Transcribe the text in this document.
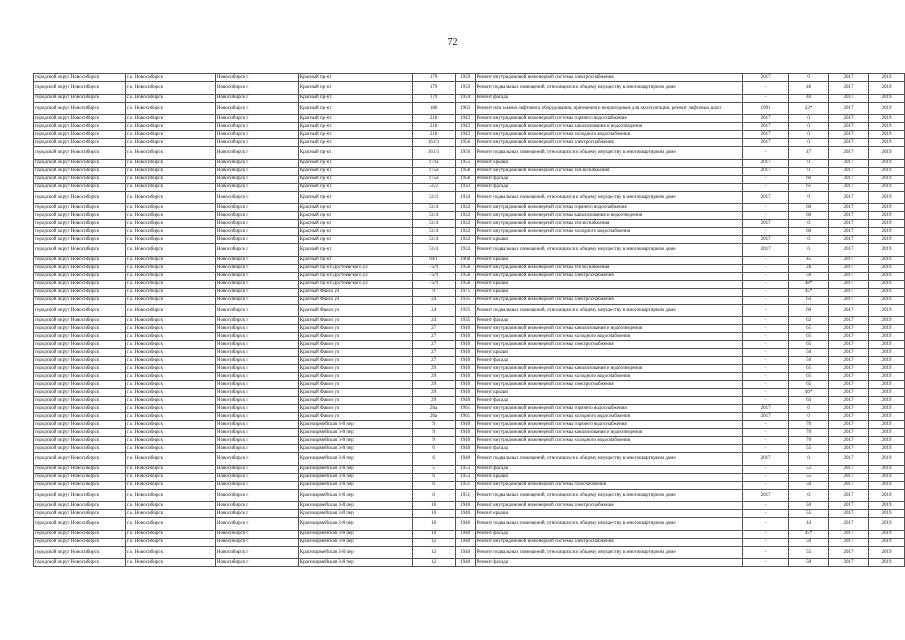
72
городской округ Новосибирск	г.о. Новосибирск	Новосибирск г	Красный пр-кт	179	1959	Ремонт внутридомовой инженерной системы электроснабжения	2017	0	2017	2019
городской округ Новосибирск	г.о. Новосибирск	Новосибирск г	Красный пр-кт	179	1959	Ремонт подвальных помещений, относящихся к общему имуществу в многоквартирном доме	-	46	2017	2019
городской округ Новосибирск	г.о. Новосибирск	Новосибирск г	Красный пр-кт	179	1959	Ремонт фасада	-	40	2017	2019
городской округ Новосибирск	г.о. Новосибирск	Новосибирск г	Красный пр-кт	186	1963	Ремонт или замена лифтового оборудования, признанного непригодным для эксплуатации, ремонт лифтовых шахт	1991	23*	2017	2019
городской округ Новосибирск	г.о. Новосибирск	Новосибирск г	Красный пр-кт	218	1943	Ремонт внутридомовой инженерной системы горячего водоснабжения	2017	0	2017	2019
городской округ Новосибирск	г.о. Новосибирск	Новосибирск г	Красный пр-кт	218	1943	Ремонт внутридомовой инженерной системы канализования и водоотведения	2017	0	2017	2019
городской округ Новосибирск	г.о. Новосибирск	Новосибирск г	Красный пр-кт	218	1943	Ремонт внутридомовой инженерной системы холодного водоснабжения	2017	0	2017	2019
городской округ Новосибирск	г.о. Новосибирск	Новосибирск г	Красный пр-кт	161/1	1956	Ремонт внутридомовой инженерной системы электроснабжения	2017	0	2017	2019
городской округ Новосибирск	г.о. Новосибирск	Новосибирск г	Красный пр-кт	161/1	1956	Ремонт подвальных помещений, относящихся к общему имуществу в многоквартирном доме	-	47	2017	2019
городской округ Новосибирск	г.о. Новосибирск	Новосибирск г	Красный пр-кт	171а	1955	Ремонт крыши	2017	0	2017	2019
городской округ Новосибирск	г.о. Новосибирск	Новосибирск г	Красный пр-кт	175а	1958	Ремонт внутридомовой инженерной системы теплоснабжения	2017	0	2017	2019
городской округ Новосибирск	г.о. Новосибирск	Новосибирск г	Красный пр-кт	175а	1958	Ремонт фасада	-	60	2017	2019
городской округ Новосибирск	г.о. Новосибирск	Новосибирск г	Красный пр-кт	51/2	1933	Ремонт фасада	-	61	2017	2019
городской округ Новосибирск	г.о. Новосибирск	Новосибирск г	Красный пр-кт	51/3	1934	Ремонт подвальных помещений, относящихся к общему имуществу в многоквартирном доме	2017	0	2017	2019
городской округ Новосибирск	г.о. Новосибирск	Новосибирск г	Красный пр-кт	51/4	1932	Ремонт внутридомовой инженерной системы горячего водоснабжения	-	60	2017	2019
городской округ Новосибирск	г.о. Новосибирск	Новосибирск г	Красный пр-кт	51/4	1932	Ремонт внутридомовой инженерной системы канализования и водоотведения	-	60	2017	2019
городской округ Новосибирск	г.о. Новосибирск	Новосибирск г	Красный пр-кт	51/4	1932	Ремонт внутридомовой инженерной системы теплоснабжения	2017	0	2017	2019
городской округ Новосибирск	г.о. Новосибирск	Новосибирск г	Красный пр-кт	51/4	1932	Ремонт внутридомовой инженерной системы холодного водоснабжения	-	60	2017	2019
городской округ Новосибирск	г.о. Новосибирск	Новосибирск г	Красный пр-кт	51/4	1932	Ремонт крыши	2017	0	2017	2019
городской округ Новосибирск	г.о. Новосибирск	Новосибирск г	Красный пр-кт	51/4	1932	Ремонт подвальных помещений, относящихся к общему имуществу в многоквартирном доме	2017	0	2017	2019
городской округ Новосибирск	г.о. Новосибирск	Новосибирск г	Красный пр-кт	94/1	1968	Ремонт крыши	-	45	2017	2019
городской округ Новосибирск	г.о. Новосибирск	Новосибирск г	Красный пр-кт/Достоевского ул	75/9	1958	Ремонт внутридомовой инженерной системы теплоснабжения	-	28	2017	2019
городской округ Новосибирск	г.о. Новосибирск	Новосибирск г	Красный пр-кт/Достоевского ул	75/9	1958	Ремонт внутридомовой инженерной системы электроснабжения	-	50	2017	2019
городской округ Новосибирск	г.о. Новосибирск	Новосибирск г	Красный пр-кт/Достоевского ул	75/9	1958	Ремонт крыши	-	48*	2017	2019
городской округ Новосибирск	г.о. Новосибирск	Новосибирск г	Красный Факел ул	9	1975	Ремонт крыши	-	45*	2017	2019
городской округ Новосибирск	г.о. Новосибирск	Новосибирск г	Красный Факел ул	24	1935	Ремонт внутридомовой инженерной системы электроснабжения	-	63	2017	2019
городской округ Новосибирск	г.о. Новосибирск	Новосибирск г	Красный Факел ул	24	1935	Ремонт подвальных помещений, относящихся к общему имуществу в многоквартирном доме	-	60	2017	2019
городской округ Новосибирск	г.о. Новосибирск	Новосибирск г	Красный Факел ул	24	1935	Ремонт фасада	-	62	2017	2019
городской округ Новосибирск	г.о. Новосибирск	Новосибирск г	Красный Факел ул	27	1940	Ремонт внутридомовой инженерной системы канализования и водоотведения	-	65	2017	2019
городской округ Новосибирск	г.о. Новосибирск	Новосибирск г	Красный Факел ул	27	1940	Ремонт внутридомовой инженерной системы холодного водоснабжения	-	65	2017	2019
городской округ Новосибирск	г.о. Новосибирск	Новосибирск г	Красный Факел ул	27	1940	Ремонт внутридомовой инженерной системы электроснабжения	-	65	2017	2019
городской округ Новосибирск	г.о. Новосибирск	Новосибирск г	Красный Факел ул	27	1940	Ремонт крыши	-	50	2017	2019
городской округ Новосибирск	г.о. Новосибирск	Новосибирск г	Красный Факел ул	27	1940	Ремонт фасада	-	50	2017	2019
городской округ Новосибирск	г.о. Новосибирск	Новосибирск г	Красный Факел ул	29	1940	Ремонт внутридомовой инженерной системы канализования и водоотведения	-	65	2017	2019
городской округ Новосибирск	г.о. Новосибирск	Новосибирск г	Красный Факел ул	29	1940	Ремонт внутридомовой инженерной системы холодного водоснабжения	-	65	2017	2019
городской округ Новосибирск	г.о. Новосибирск	Новосибирск г	Красный Факел ул	29	1940	Ремонт внутридомовой инженерной системы электроснабжения	-	65	2017	2019
городской округ Новосибирск	г.о. Новосибирск	Новосибирск г	Красный Факел ул	29	1940	Ремонт крыши	-	46*	2017	2019
городской округ Новосибирск	г.о. Новосибирск	Новосибирск г	Красный Факел ул	29	1940	Ремонт фасада	-	63	2017	2019
городской округ Новосибирск	г.о. Новосибирск	Новосибирск г	Красный Факел ул	26а	1961	Ремонт внутридомовой инженерной системы горячего водоснабжения	2017	0	2017	2019
городской округ Новосибирск	г.о. Новосибирск	Новосибирск г	Красный Факел ул	26а	1961	Ремонт внутридомовой инженерной системы холодного водоснабжения	2017	0	2017	2019
городской округ Новосибирск	г.о. Новосибирск	Новосибирск г	Красноармейская 3-й пер	9	1940	Ремонт внутридомовой инженерной системы горячего водоснабжения	-	70	2017	2019
городской округ Новосибирск	г.о. Новосибирск	Новосибирск г	Красноармейская 3-й пер	9	1940	Ремонт внутридомовой инженерной системы канализования и водоотведения	-	70	2017	2019
городской округ Новосибирск	г.о. Новосибирск	Новосибирск г	Красноармейская 3-й пер	9	1940	Ремонт внутридомовой инженерной системы холодного водоснабжения	-	70	2017	2019
городской округ Новосибирск	г.о. Новосибирск	Новосибирск г	Красноармейская 3-й пер	6	1940	Ремонт фасада	-	55	2017	2019
городской округ Новосибирск	г.о. Новосибирск	Новосибирск г	Красноармейская 3-й пер	6	1940	Ремонт подвальных помещений, относящихся к общему имуществу в многоквартирном доме	2017	0	2017	2019
городской округ Новосибирск	г.о. Новосибирск	Новосибирск г	Красноармейская 3-й пер	5	1953	Ремонт фасада	-	52	2017	2019
городской округ Новосибирск	г.о. Новосибирск	Новосибирск г	Красноармейская 3-й пер	6	1953	Ремонт крыши	-	55	2017	2019
городской округ Новосибирск	г.о. Новосибирск	Новосибирск г	Красноармейская 3-й пер	8	1951	Ремонт внутридомовой инженерной системы газоснабжения	-	50	2017	2019
городской округ Новосибирск	г.о. Новосибирск	Новосибирск г	Красноармейская 3-й пер	8	1951	Ремонт подвальных помещений, относящихся к общему имуществу в многоквартирном доме	2017	0	2017	2019
городской округ Новосибирск	г.о. Новосибирск	Новосибирск г	Красноармейская 3-й пер	10	1940	Ремонт внутридомовой инженерной системы электроснабжения	-	50	2017	2019
городской округ Новосибирск	г.о. Новосибирск	Новосибирск г	Красноармейская 3-й пер	10	1940	Ремонт крыши	-	55	2017	2019
городской округ Новосибирск	г.о. Новосибирск	Новосибирск г	Красноармейская 3-й пер	10	1940	Ремонт подвальных помещений, относящихся к общему имуществу в многоквартирном доме	-	44	2017	2019
городской округ Новосибирск	г.о. Новосибирск	Новосибирск г	Красноармейская 3-й пер	10	1940	Ремонт фасада	-	45*	2017	2019
городской округ Новосибирск	г.о. Новосибирск	Новосибирск г	Красноармейская 3-й пер	12	1940	Ремонт внутридомовой инженерной системы электроснабжения	-	50	2017	2019
городской округ Новосибирск	г.о. Новосибирск	Новосибирск г	Красноармейская 3-й пер	12	1940	Ремонт подвальных помещений, относящихся к общему имуществу в многоквартирном доме	-	55	2017	2019
городской округ Новосибирск	г.о. Новосибирск	Новосибирск г	Красноармейская 3-й пер	12	1940	Ремонт фасада	-	50	2017	2019
